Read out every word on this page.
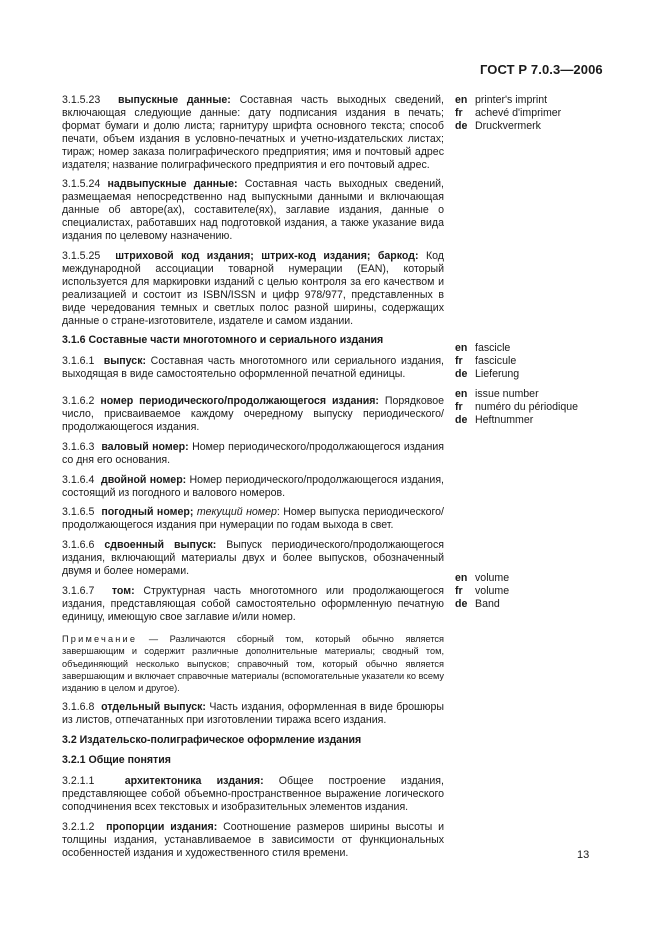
ГОСТ Р 7.0.3—2006

3.1.5.23 выпускные данные: Составная часть выходных сведений, включающая следующие данные: дату подписания издания в печать; формат бумаги и долю листа; гарнитуру шрифта основного текста; способ печати, объем издания в условно-печатных и учетно-издательских листах; тираж; номер заказа полиграфического предприятия; имя и почтовый адрес издателя; название полиграфического предприятия и его почтовый адрес.

3.1.5.24 надвыпускные данные: Составная часть выходных сведений, размещаемая непосредственно над выпускными данными и включающая данные об авторе(ах), составителе(ях), заглавие издания, данные о специалистах, работавших над подготовкой издания, а также указание вида издания по целевому назначению.

3.1.5.25 штриховой код издания; штрих-код издания; баркод: Код международной ассоциации товарной нумерации (EAN), который используется для маркировки изданий с целью контроля за его качеством и реализацией и состоит из ISBN/ISSN и цифр 978/977, представленных в виде чередования темных и светлых полос разной ширины, содержащих данные о стране-изготовителе, издателе и самом издании.

3.1.6 Составные части многотомного и сериального издания

3.1.6.1 выпуск: Составная часть многотомного или сериального издания, выходящая в виде самостоятельно оформленной печатной единицы.

3.1.6.2 номер периодического/продолжающегося издания: Порядковое число, присваиваемое каждому очередному выпуску периодического/продолжающегося издания.

3.1.6.3 валовый номер: Номер периодического/продолжающегося издания со дня его основания.

3.1.6.4 двойной номер: Номер периодического/продолжающегося издания, состоящий из погодного и валового номеров.

3.1.6.5 погодный номер; текущий номер: Номер выпуска периодического/продолжающегося издания при нумерации по годам выхода в свет.

3.1.6.6 сдвоенный выпуск: Выпуск периодического/продолжающегося издания, включающий материалы двух и более выпусков, обозначенный двумя и более номерами.

3.1.6.7 том: Структурная часть многотомного или продолжающегося издания, представляющая собой самостоятельно оформленную печатную единицу, имеющую свое заглавие и/или номер.

Примечание — Различаются сборный том, который обычно является завершающим и содержит различные дополнительные материалы; сводный том, объединяющий несколько выпусков; справочный том, который обычно является завершающим и включает справочные материалы (вспомогательные указатели ко всему изданию в целом и другое).

3.1.6.8 отдельный выпуск: Часть издания, оформленная в виде брошюры из листов, отпечатанных при изготовлении тиража всего издания.

3.2 Издательско-полиграфическое оформление издания
3.2.1 Общие понятия

3.2.1.1	архитектоника издания: Общее построение издания, представляющее собой объемно-пространственное выражение логического соподчинения всех текстовых и изобразительных элементов издания.

3.2.1.2 пропорции издания: Соотношение размеров ширины высоты и толщины издания, устанавливаемое в зависимости от функциональных особенностей издания и художественного стиля времени.

en printer's imprint
fr	achevé d'imprimer
de Druckvermerk
en fascicle
fr	fascicule
de Lieferung
en issue number
fr	numéro du périodique
de Heftnummer
en volume
fr	volume
de Band
13
